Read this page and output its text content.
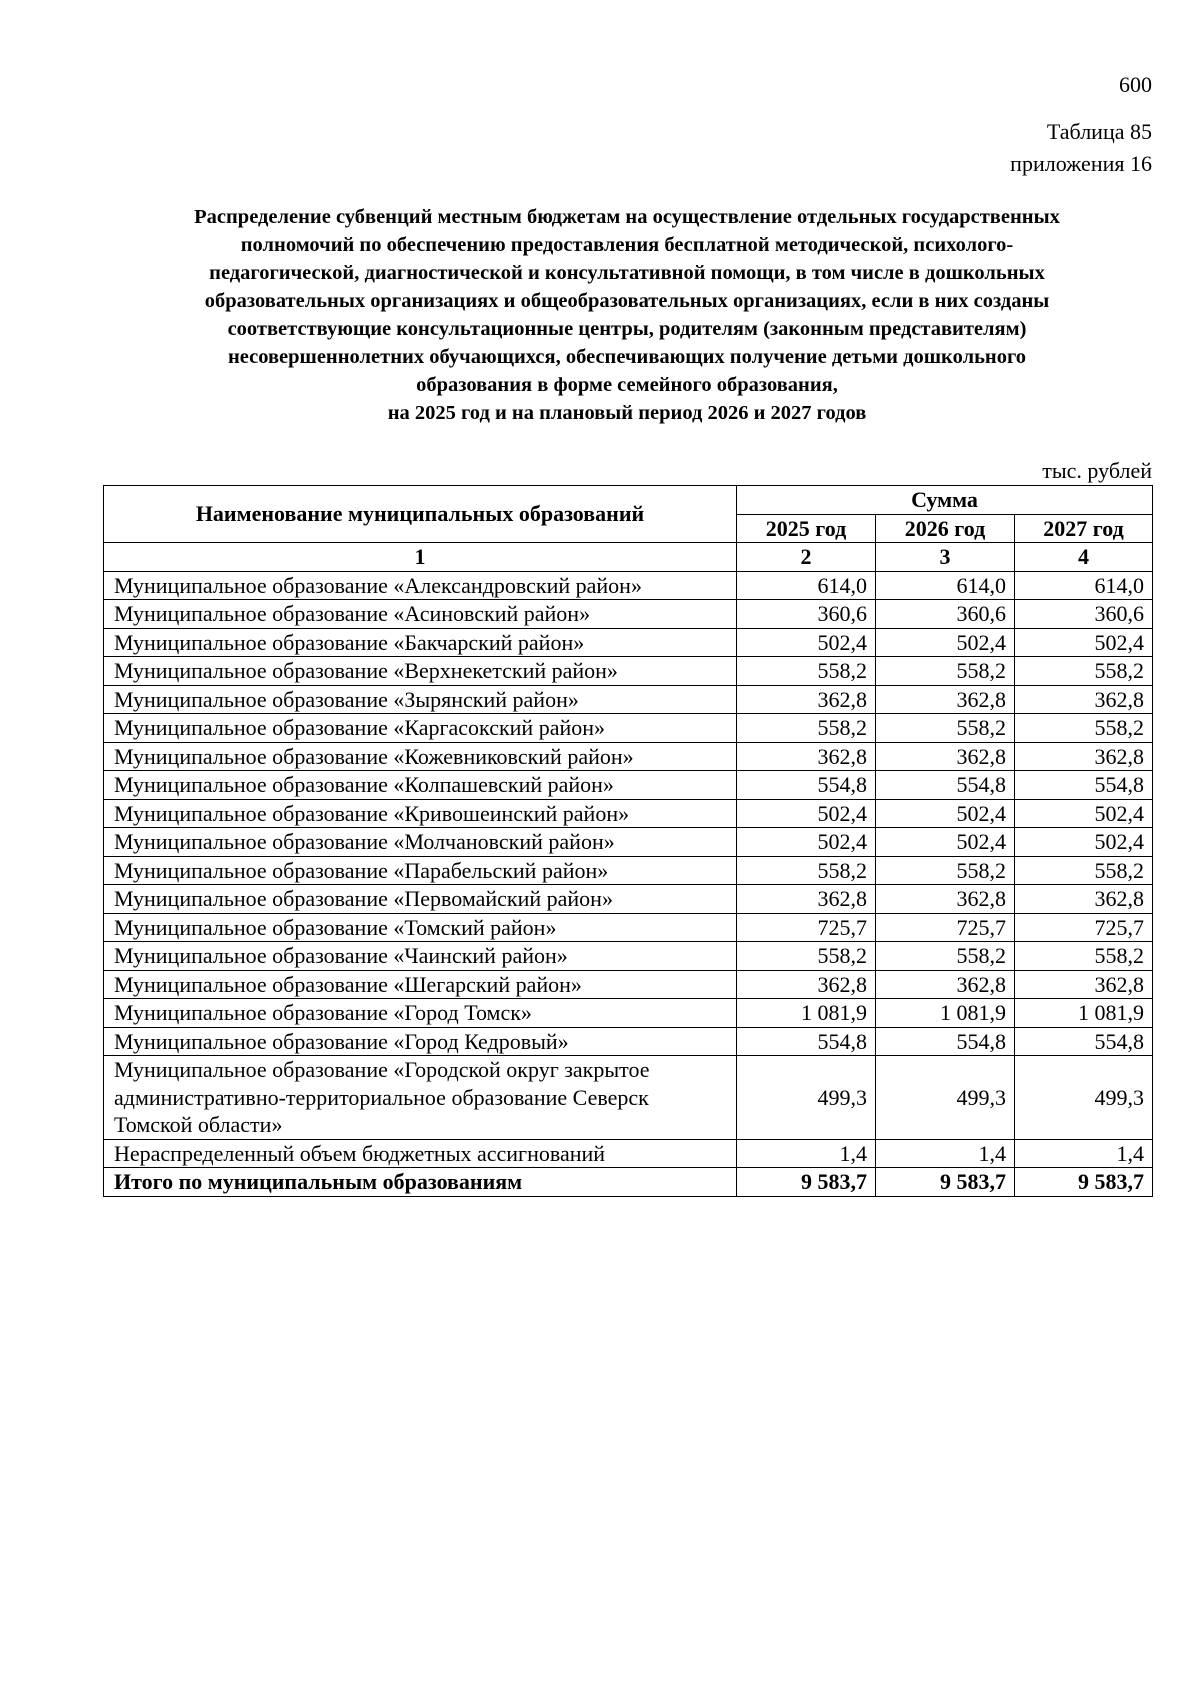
600
Таблица 85
приложения 16
Распределение субвенций местным бюджетам на осуществление отдельных государственных
полномочий по обеспечению предоставления бесплатной методической, психолого-
педагогической, диагностической и консультативной помощи, в том числе в дошкольных
образовательных организациях и общеобразовательных организациях, если в них созданы
соответствующие консультационные центры, родителям (законным представителям)
несовершеннолетних обучающихся, обеспечивающих получение детьми дошкольного
образования в форме семейного образования,
на 2025 год и на плановый период 2026 и 2027 годов
тыс. рублей
Наименование муниципальных образований	Сумма		
	2025 год	2026 год	2027 год
1	2	3	4
Муниципальное образование «Александровский район»	614,0	614,0	614,0
Муниципальное образование «Асиновский район»	360,6	360,6	360,6
Муниципальное образование «Бакчарский район»	502,4	502,4	502,4
Муниципальное образование «Верхнекетский район»	558,2	558,2	558,2
Муниципальное образование «Зырянский район»	362,8	362,8	362,8
Муниципальное образование «Каргасокский район»	558,2	558,2	558,2
Муниципальное образование «Кожевниковский район»	362,8	362,8	362,8
Муниципальное образование «Колпашевский район»	554,8	554,8	554,8
Муниципальное образование «Кривошеинский район»	502,4	502,4	502,4
Муниципальное образование «Молчановский район»	502,4	502,4	502,4
Муниципальное образование «Парабельский район»	558,2	558,2	558,2
Муниципальное образование «Первомайский район»	362,8	362,8	362,8
Муниципальное образование «Томский район»	725,7	725,7	725,7
Муниципальное образование «Чаинский район»	558,2	558,2	558,2
Муниципальное образование «Шегарский район»	362,8	362,8	362,8
Муниципальное образование «Город Томск»	1 081,9	1 081,9	1 081,9
Муниципальное образование «Город Кедровый»	554,8	554,8	554,8

Муниципальное образование «Городской округ закрытое
административно-территориальное образование Северск
Томской области»	499,3	499,3	499,3
Нераспределенный объем бюджетных ассигнований	1,4	1,4	1,4
Итого по муниципальным образованиям	9 583,7	9 583,7	9 583,7
